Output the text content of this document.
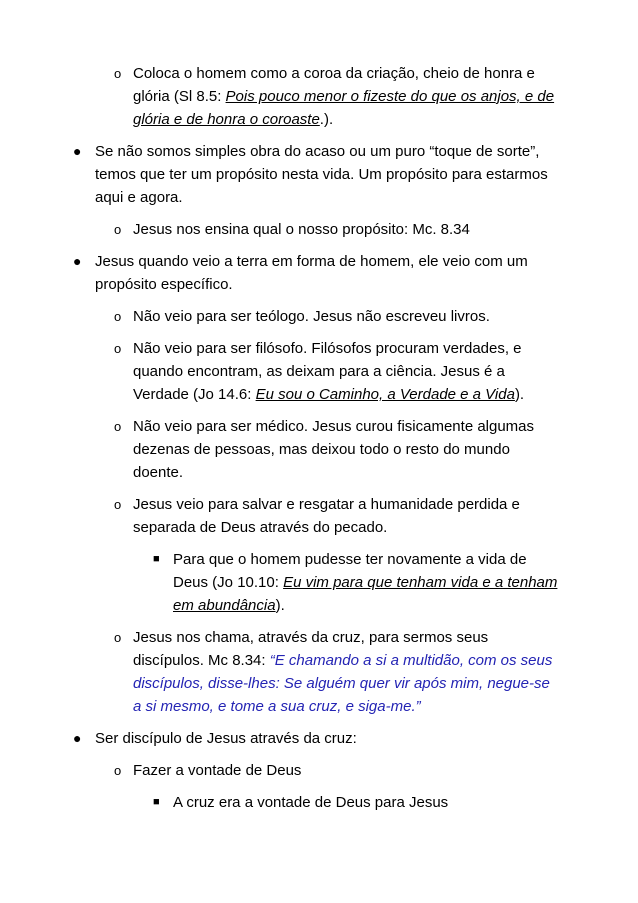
o Coloca o homem como a coroa da criação, cheio de honra e glória (Sl 8.5: Pois pouco menor o fizeste do que os anjos, e de glória e de honra o coroaste.).
● Se não somos simples obra do acaso ou um puro “toque de sorte”, temos que ter um propósito nesta vida. Um propósito para estarmos aqui e agora.
o Jesus nos ensina qual o nosso propósito: Mc. 8.34
● Jesus quando veio a terra em forma de homem, ele veio com um propósito específico.
o Não veio para ser teólogo. Jesus não escreveu livros.
o Não veio para ser filósofo. Filósofos procuram verdades, e quando encontram, as deixam para a ciência. Jesus é a Verdade (Jo 14.6: Eu sou o Caminho, a Verdade e a Vida).
o Não veio para ser médico. Jesus curou fisicamente algumas dezenas de pessoas, mas deixou todo o resto do mundo doente.
o Jesus veio para salvar e resgatar a humanidade perdida e separada de Deus através do pecado.
■ Para que o homem pudesse ter novamente a vida de Deus (Jo 10.10: Eu vim para que tenham vida e a tenham em abundância).
o Jesus nos chama, através da cruz, para sermos seus discípulos. Mc 8.34: “E chamando a si a multidão, com os seus discípulos, disse-lhes: Se alguém quer vir após mim, negue-se a si mesmo, e tome a sua cruz, e siga-me.”
● Ser discípulo de Jesus através da cruz:
o Fazer a vontade de Deus
■ A cruz era a vontade de Deus para Jesus
